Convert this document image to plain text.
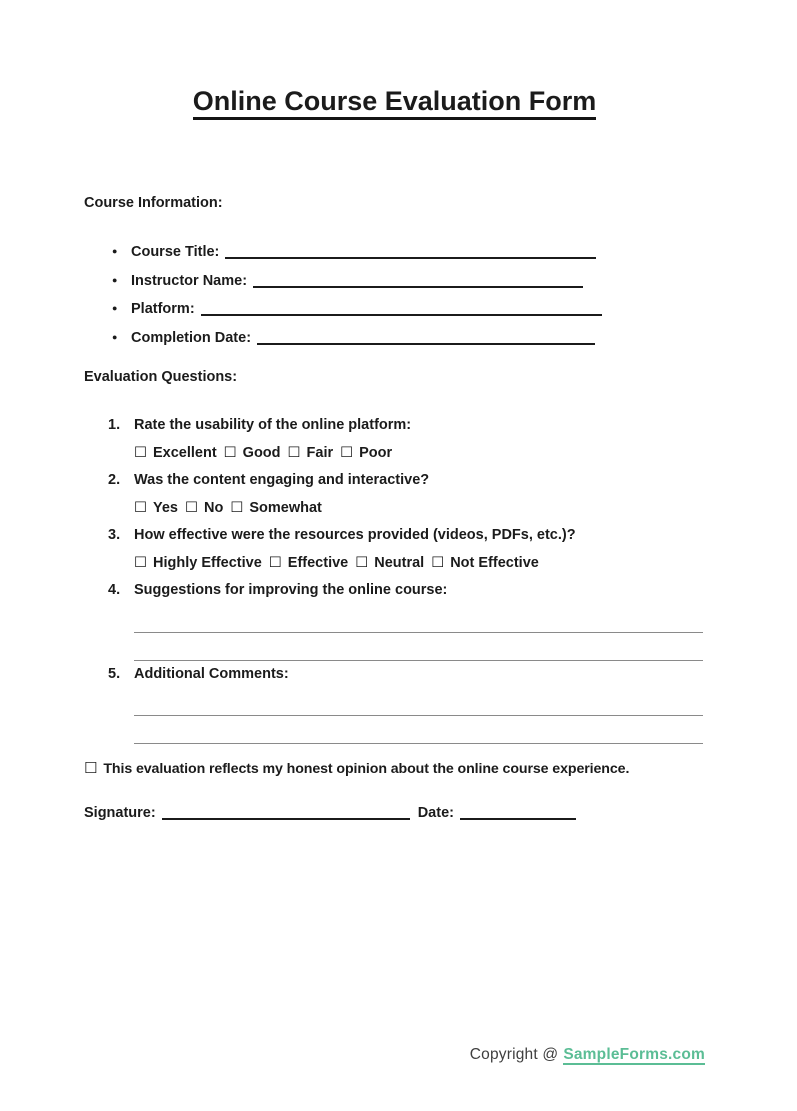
Online Course Evaluation Form
Course Information:
● Course Title:
● Instructor Name:
● Platform:
● Completion Date:
Evaluation Questions:
1. Rate the usability of the online platform:
☐ Excellent ☐ Good ☐ Fair ☐ Poor
2. Was the content engaging and interactive?
☐ Yes ☐ No ☐ Somewhat
3. How effective were the resources provided (videos, PDFs, etc.)?
☐ Highly Effective ☐ Effective ☐ Neutral ☐ Not Effective
4. Suggestions for improving the online course:
5. Additional Comments:
☐ This evaluation reflects my honest opinion about the online course experience.
Signature:	Date:
Copyright @ SampleForms.com
